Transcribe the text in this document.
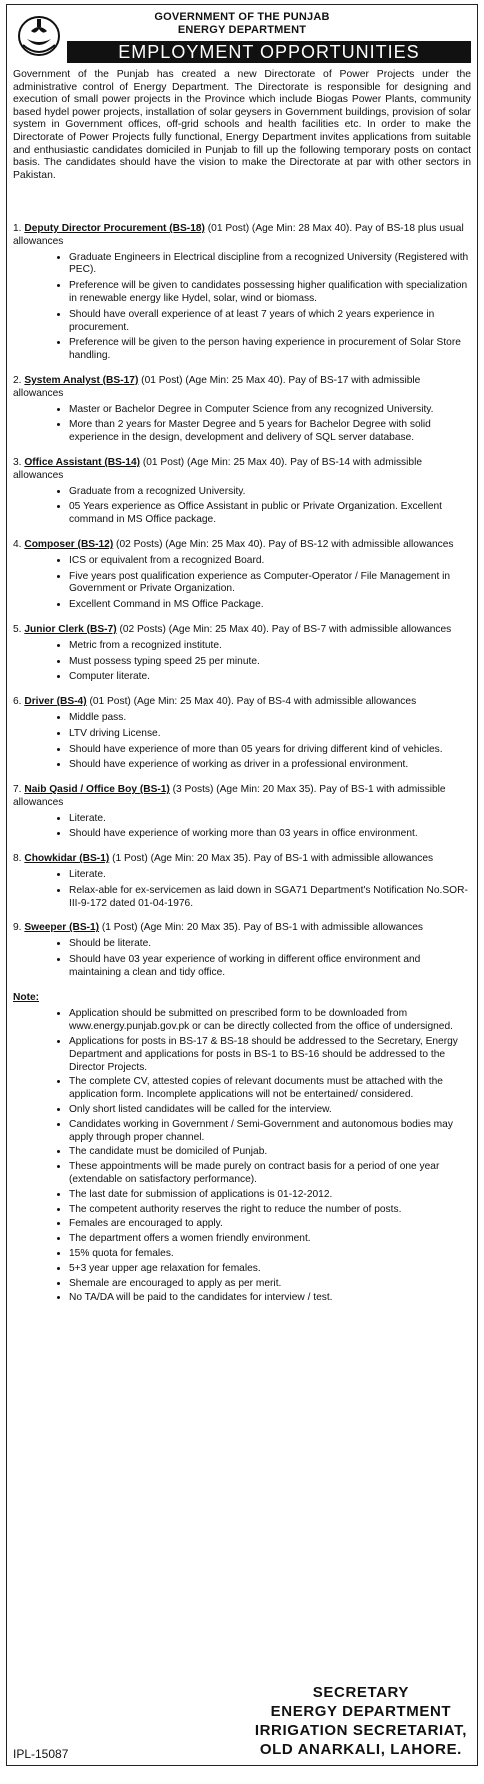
GOVERNMENT OF THE PUNJAB
ENERGY DEPARTMENT
EMPLOYMENT OPPORTUNITIES
Government of the Punjab has created a new Directorate of Power Projects under the administrative control of Energy Department. The Directorate is responsible for designing and execution of small power projects in the Province which include Biogas Power Plants, community based hydel power projects, installation of solar geysers in Government buildings, provision of solar system in Government offices, off-grid schools and health facilities etc. In order to make the Directorate of Power Projects fully functional, Energy Department invites applications from suitable and enthusiastic candidates domiciled in Punjab to fill up the following temporary posts on contact basis. The candidates should have the vision to make the Directorate at par with other sectors in Pakistan.
1. Deputy Director Procurement (BS-18) (01 Post) (Age Min: 28 Max 40). Pay of BS-18 plus usual allowances
• Graduate Engineers in Electrical discipline from a recognized University (Registered with PEC).
• Preference will be given to candidates possessing higher qualification with specialization in renewable energy like Hydel, solar, wind or biomass.
• Should have overall experience of at least 7 years of which 2 years experience in procurement.
• Preference will be given to the person having experience in procurement of Solar Store handling.
2. System Analyst (BS-17) (01 Post) (Age Min: 25 Max 40). Pay of BS-17 with admissible allowances
• Master or Bachelor Degree in Computer Science from any recognized University.
• More than 2 years for Master Degree and 5 years for Bachelor Degree with solid experience in the design, development and delivery of SQL server database.
3. Office Assistant (BS-14) (01 Post) (Age Min: 25 Max 40). Pay of BS-14 with admissible allowances
• Graduate from a recognized University.
• 05 Years experience as Office Assistant in public or Private Organization. Excellent command in MS Office package.
4. Composer (BS-12) (02 Posts) (Age Min: 25 Max 40). Pay of BS-12 with admissible allowances
• ICS or equivalent from a recognized Board.
• Five years post qualification experience as Computer-Operator / File Management in Government or Private Organization.
• Excellent Command in MS Office Package.
5. Junior Clerk (BS-7) (02 Posts) (Age Min: 25 Max 40). Pay of BS-7 with admissible allowances
• Metric from a recognized institute.
• Must possess typing speed 25 per minute.
• Computer literate.
6. Driver (BS-4) (01 Post) (Age Min: 25 Max 40). Pay of BS-4 with admissible allowances
• Middle pass.
• LTV driving License.
• Should have experience of more than 05 years for driving different kind of vehicles.
• Should have experience of working as driver in a professional environment.
7. Naib Qasid / Office Boy (BS-1) (3 Posts) (Age Min: 20 Max 35). Pay of BS-1 with admissible allowances
• Literate.
• Should have experience of working more than 03 years in office environment.
8. Chowkidar (BS-1) (1 Post) (Age Min: 20 Max 35). Pay of BS-1 with admissible allowances
• Literate.
• Relax-able for ex-servicemen as laid down in SGA71 Department's Notification No.SOR-III-9-172 dated 01-04-1976.
9. Sweeper (BS-1) (1 Post) (Age Min: 20 Max 35). Pay of BS-1 with admissible allowances
• Should be literate.
• Should have 03 year experience of working in different office environment and maintaining a clean and tidy office.
Note:
• Application should be submitted on prescribed form to be downloaded from www.energy.punjab.gov.pk or can be directly collected from the office of undersigned.
• Applications for posts in BS-17 & BS-18 should be addressed to the Secretary, Energy Department and applications for posts in BS-1 to BS-16 should be addressed to the Director Projects.
• The complete CV, attested copies of relevant documents must be attached with the application form. Incomplete applications will not be entertained/ considered.
• Only short listed candidates will be called for the interview.
• Candidates working in Government / Semi-Government and autonomous bodies may apply through proper channel.
• The candidate must be domiciled of Punjab.
• These appointments will be made purely on contract basis for a period of one year (extendable on satisfactory performance).
• The last date for submission of applications is 01-12-2012.
• The competent authority reserves the right to reduce the number of posts.
• Females are encouraged to apply.
• The department offers a women friendly environment.
• 15% quota for females.
• 5+3 year upper age relaxation for females.
• Shemale are encouraged to apply as per merit.
• No TA/DA will be paid to the candidates for interview / test.
SECRETARY
ENERGY DEPARTMENT
IRRIGATION SECRETARIAT,
OLD ANARKALI, LAHORE.
IPL-15087
